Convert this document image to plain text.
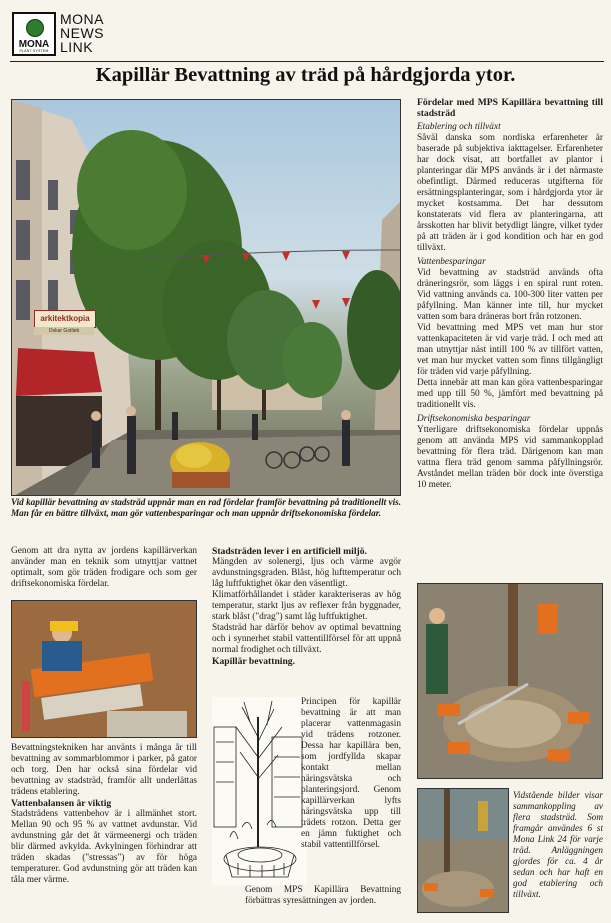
MONA
PLANT SYSTEM
MONA
NEWS
LINK
Kapillär Bevattning av träd på hårdgjorda ytor.
arkitektkopia
Oskar Gotlieb
Vid kapillär bevattning av stadsträd uppnår man en rad fördelar framför bevattning på traditionellt vis. Man får en bättre tillväxt, man gör vattenbesparingar och man uppnår driftsekonomiska fördelar.

Genom att dra nytta av jordens kapillärverkan använder man en teknik som utnyttjar vattnet optimalt, som gör träden frodigare och som ger driftsekonomiska fördelar.

Bevattningstekniken har använts i många år till bevattning av sommarblommor i parker, på gator och torg. Den har också sina fördelar vid bevattning av stadsträd, framför allt underlättas trädens etablering.

Vattenbalansen är viktig

Stadsträdens vattenbehov är i allmänhet stort. Mellan 90 och 95 % av vattnet avdunstar. Vid avdunstning går det åt värmeenergi och träden blir därmed avkylda. Avkylningen förhindrar att träden skadas ("stressas") av för höga temperaturer. God avdunstning gör att träden kan tåla mer värme.

Stadsträden lever i en artificiell miljö.

Mängden av solenergi, ljus och värme avgör avdunstningsgraden. Blåst, hög lufttemperatur och låg luftfuktighet ökar den väsentligt.

Klimatförhållandet i städer karakteriseras av hög temperatur, starkt ljus av reflexer från byggnader, stark blåst ("drag") samt låg luftfuktighet.

Stadsträd har därför behov av optimal bevattning och i synnerhet stabil vattentillförsel för att uppnå normal frodighet och tillväxt.

Kapillär bevattning.

Principen för kapillär bevattning är att man placerar vattenmagasin vid trädens rotzoner. Dessa har kapillära ben, som jordfyllda skapar kontakt mellan näringsvätska och planteringsjord. Genom kapillärverkan lyfts näringsvätska upp till trädets rotzon. Detta ger en jämn fuktighet och stabil vattentillförsel.

Genom MPS Kapillära Bevattning förbättras syresättningen av jorden.

Fördelar med MPS Kapillära bevattning till stadsträd

Etablering och tillväxt

Såväl danska som nordiska erfarenheter är baserade på subjektiva iakttagelser. Erfarenheter har dock visat, att bortfallet av plantor i planteringar där MPS används är i det närmaste obefintligt. Därmed reduceras utgifterna för ersättningsplanteringar, som i hårdgjorda ytor är mycket kostsamma. Det har dessutom konstaterats vid flera av planteringarna, att årsskotten har blivit betydligt längre, vilket tyder på att träden är i god kondition och har en god tillväxt.

Vattenbesparingar

Vid bevattning av stadsträd används ofta dräneringsrör, som läggs i en spiral runt roten. Vid vattning används ca. 100-300 liter vatten per påfyllning. Man känner inte till, hur mycket vatten som bara dräneras bort från rotzonen.

Vid bevattning med MPS vet man hur stor vattenkapaciteten är vid varje träd. I och med att man utnyttjar näst intill 100 % av tillfört vatten, vet man hur mycket vatten som finns tillgängligt för träden vid varje påfyllning.

Detta innebär att man kan göra vattenbesparingar med upp till 50 %, jämfört med bevattning på traditionellt vis.

Driftsekonomiska besparingar

Ytterligare driftsekonomiska fördelar uppnås genom att använda MPS vid sammankopplad bevattning för flera träd. Därigenom kan man vattna flera träd genom samma påfyllningsrör. Avståndet mellan träden bör dock inte överstiga 10 meter.

Vidstående bilder visar sammankoppling av flera stadsträd. Som framgår användes 6 st Mona Link 24 för varje träd. Anläggningen gjordes för ca. 4 år sedan och har haft en god etablering och tillväxt.
